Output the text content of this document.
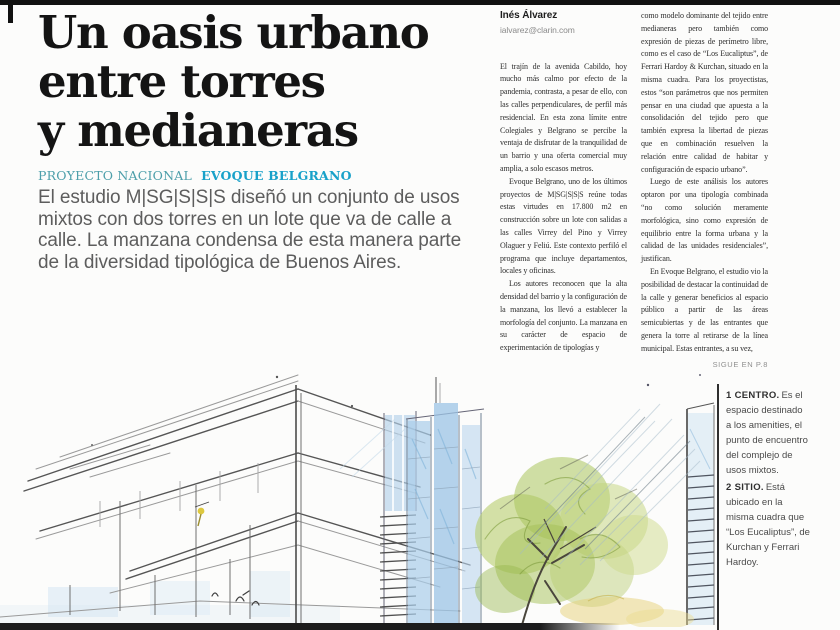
Un oasis urbano
entre torres
y medianeras
PROYECTO NACIONAL EVOQUE BELGRANO

El estudio M|SG|S|S|S diseñó un conjunto de usos mixtos con dos torres en un lote que va de calle a calle. La manzana condensa de esta manera parte de la diversidad tipológica de Buenos Aires.

Inés Álvarez
ialvarez@clarin.com

El trajín de la avenida Cabildo, hoy mucho más calmo por efecto de la pandemia, contrasta, a pesar de ello, con las calles perpendiculares, de perfil más residencial. En esta zona límite entre Colegiales y Belgrano se percibe la ventaja de disfrutar de la tranquilidad de un barrio y una oferta comercial muy amplia, a solo escasos metros.

Evoque Belgrano, uno de los últimos proyectos de M|SG|S|S|S reúne todas estas virtudes en 17.800 m2 en construcción sobre un lote con salidas a las calles Virrey del Pino y Virrey Olaguer y Feliú. Este contexto perfiló el programa que incluye departamentos, locales y oficinas.

Los autores reconocen que la alta densidad del barrio y la configuración de la manzana, los llevó a establecer la morfología del conjunto. La manzana en su carácter de espacio de experimentación de tipologías y

como modelo dominante del tejido entre medianeras pero también como expresión de piezas de perímetro libre, como es el caso de “Los Eucaliptus”, de Ferrari Hardoy & Kurchan, situado en la misma cuadra. Para los proyectistas, estos “son parámetros que nos permiten pensar en una ciudad que apuesta a la consolidación del tejido pero que también expresa la libertad de piezas que en combinación resuelven la relación entre calidad de habitar y configuración de espacio urbano”.

Luego de este análisis los autores optaron por una tipología combinada “no como solución meramente morfológica, sino como expresión de equilibrio entre la forma urbana y la calidad de las unidades residenciales”, justifican.

En Evoque Belgrano, el estudio vio la posibilidad de destacar la continuidad de la calle y generar beneficios al espacio público a partir de las áreas semicubiertas y de las entrantes que genera la torre al retirarse de la línea municipal. Estas entrantes, a su vez,

SIGUE EN P.8
1 CENTRO. Es el espacio destinado a los amenities, el punto de encuentro del complejo de usos mixtos.
2 SITIO. Está ubicado en la misma cuadra que “Los Eucaliptus”, de Kurchan y Ferrari Hardoy.
